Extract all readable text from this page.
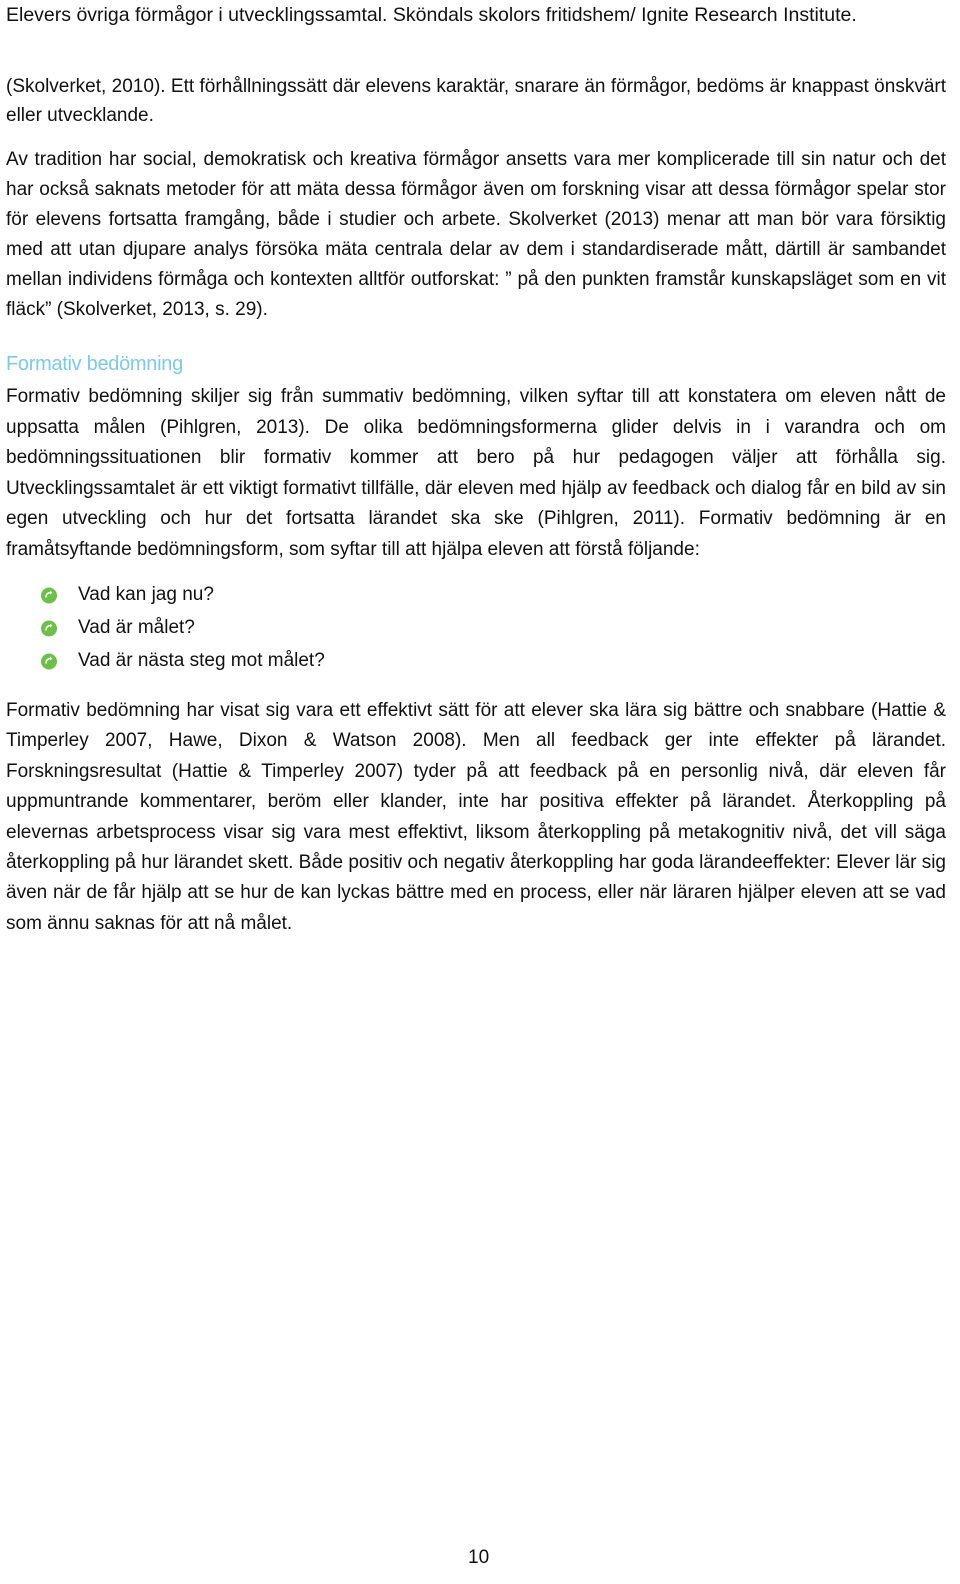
Elevers övriga förmågor i utvecklingssamtal. Sköndals skolors fritidshem/ Ignite Research Institute.

(Skolverket, 2010). Ett förhållningssätt där elevens karaktär, snarare än förmågor, bedöms är knappast önskvärt eller utvecklande.

Av tradition har social, demokratisk och kreativa förmågor ansetts vara mer komplicerade till sin natur och det har också saknats metoder för att mäta dessa förmågor även om forskning visar att dessa förmågor spelar stor för elevens fortsatta framgång, både i studier och arbete. Skolverket (2013) menar att man bör vara försiktig med att utan djupare analys försöka mäta centrala delar av dem i standardiserade mått, därtill är sambandet mellan individens förmåga och kontexten alltför outforskat: ” på den punkten framstår kunskapsläget som en vit fläck” (Skolverket, 2013, s. 29).

Formativ bedömning

Formativ bedömning skiljer sig från summativ bedömning, vilken syftar till att konstatera om eleven nått de uppsatta målen (Pihlgren, 2013). De olika bedömningsformerna glider delvis in i varandra och om bedömningssituationen blir formativ kommer att bero på hur pedagogen väljer att förhålla sig. Utvecklingssamtalet är ett viktigt formativt tillfälle, där eleven med hjälp av feedback och dialog får en bild av sin egen utveckling och hur det fortsatta lärandet ska ske (Pihlgren, 2011). Formativ bedömning är en framåtsyftande bedömningsform, som syftar till att hjälpa eleven att förstå följande:

Vad kan jag nu?
Vad är målet?
Vad är nästa steg mot målet?

Formativ bedömning har visat sig vara ett effektivt sätt för att elever ska lära sig bättre och snabbare (Hattie & Timperley 2007, Hawe, Dixon & Watson 2008). Men all feedback ger inte effekter på lärandet. Forskningsresultat (Hattie & Timperley 2007) tyder på att feedback på en personlig nivå, där eleven får uppmuntrande kommentarer, beröm eller klander, inte har positiva effekter på lärandet. Återkoppling på elevernas arbetsprocess visar sig vara mest effektivt, liksom återkoppling på metakognitiv nivå, det vill säga återkoppling på hur lärandet skett. Både positiv och negativ återkoppling har goda lärandeeffekter: Elever lär sig även när de får hjälp att se hur de kan lyckas bättre med en process, eller när läraren hjälper eleven att se vad som ännu saknas för att nå målet.

10
